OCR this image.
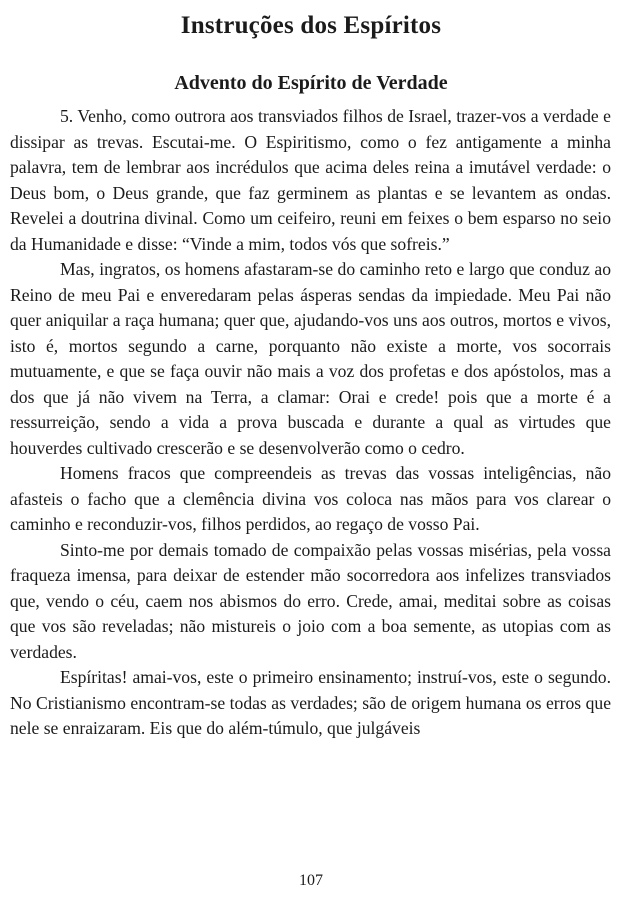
Instruções dos Espíritos
Advento do Espírito de Verdade

5. Venho, como outrora aos transviados filhos de Israel, trazer-vos a verdade e dissipar as trevas. Escutai-me. O Espiritismo, como o fez antigamente a minha palavra, tem de lembrar aos incrédulos que acima deles reina a imutável verdade: o Deus bom, o Deus grande, que faz germinem as plantas e se levantem as ondas. Revelei a doutrina divinal. Como um ceifeiro, reuni em feixes o bem esparso no seio da Humanidade e disse: “Vinde a mim, todos vós que sofreis.”

Mas, ingratos, os homens afastaram-se do caminho reto e largo que conduz ao Reino de meu Pai e enveredaram pelas ásperas sendas da impiedade. Meu Pai não quer aniquilar a raça humana; quer que, ajudando-vos uns aos outros, mortos e vivos, isto é, mortos segundo a carne, porquanto não existe a morte, vos socorrais mutuamente, e que se faça ouvir não mais a voz dos profetas e dos apóstolos, mas a dos que já não vivem na Terra, a clamar: Orai e crede! pois que a morte é a ressurreição, sendo a vida a prova buscada e durante a qual as virtudes que houverdes cultivado crescerão e se desenvolverão como o cedro.

Homens fracos que compreendeis as trevas das vossas inteligências, não afasteis o facho que a clemência divina vos coloca nas mãos para vos clarear o caminho e reconduzir-vos, filhos perdidos, ao regaço de vosso Pai.

Sinto-me por demais tomado de compaixão pelas vossas misérias, pela vossa fraqueza imensa, para deixar de estender mão socorredora aos infelizes transviados que, vendo o céu, caem nos abismos do erro. Crede, amai, meditai sobre as coisas que vos são reveladas; não mistureis o joio com a boa semente, as utopias com as verdades.

Espíritas! amai-vos, este o primeiro ensinamento; instruí-vos, este o segundo. No Cristianismo encontram-se todas as verdades; são de origem humana os erros que nele se enraizaram. Eis que do além-túmulo, que julgáveis

107
